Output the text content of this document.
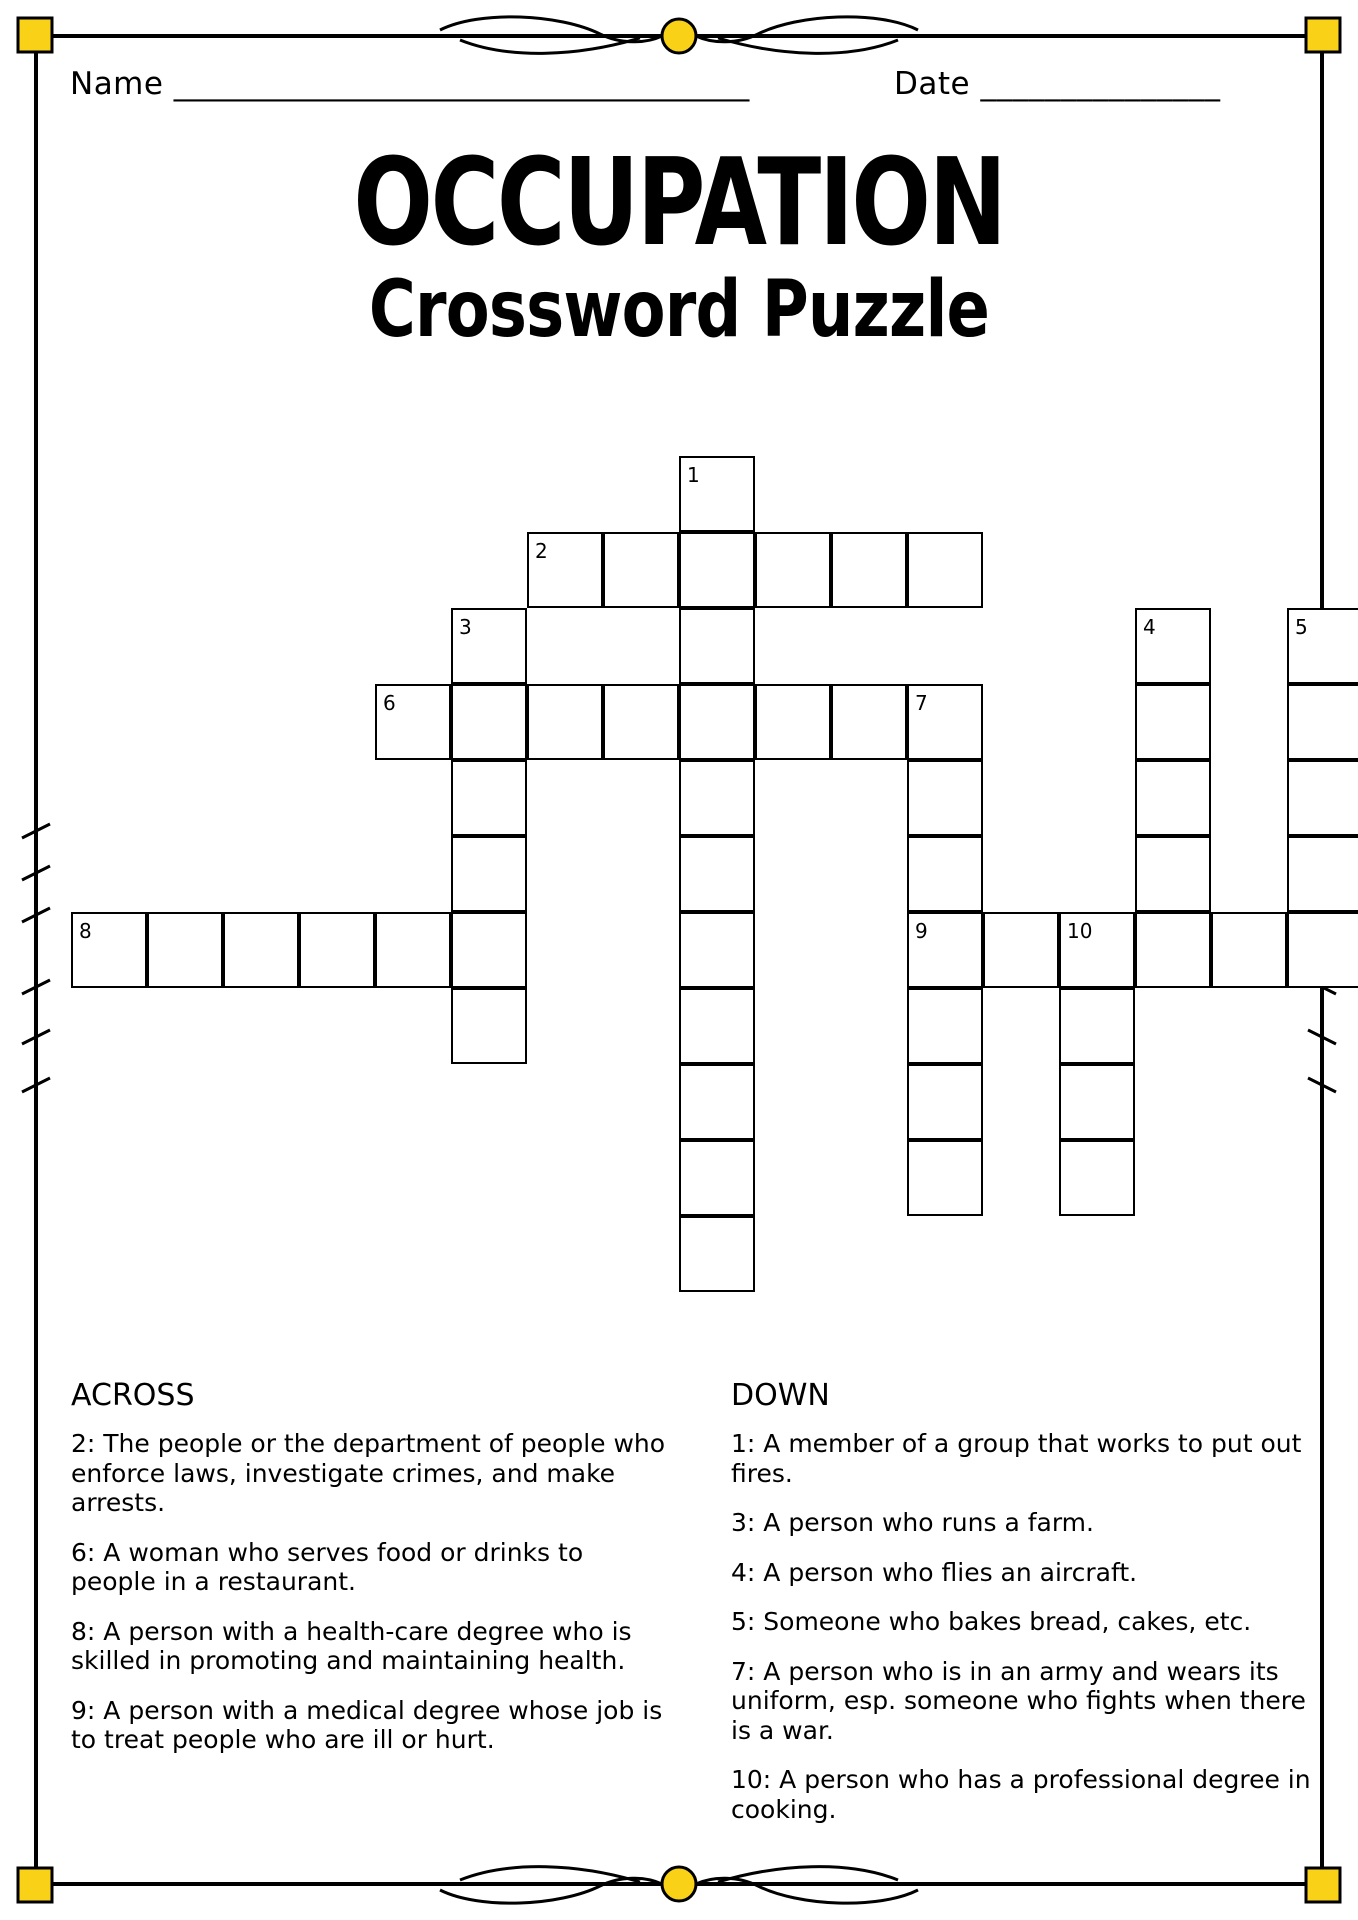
Name ____________________________________	Date _______________
OCCUPATION
Crossword Puzzle
1
2
3	4	5
6	7
8	9	10
ACROSS
2: The people or the department of people who enforce laws, investigate crimes, and make arrests.
6: A woman who serves food or drinks to people in a restaurant.
8: A person with a health-care degree who is skilled in promoting and maintaining health.
9: A person with a medical degree whose job is to treat people who are ill or hurt.
DOWN
1: A member of a group that works to put out fires.
3: A person who runs a farm.
4: A person who flies an aircraft.
5: Someone who bakes bread, cakes, etc.
7: A person who is in an army and wears its uniform, esp. someone who fights when there is a war.
10: A person who has a professional degree in cooking.
